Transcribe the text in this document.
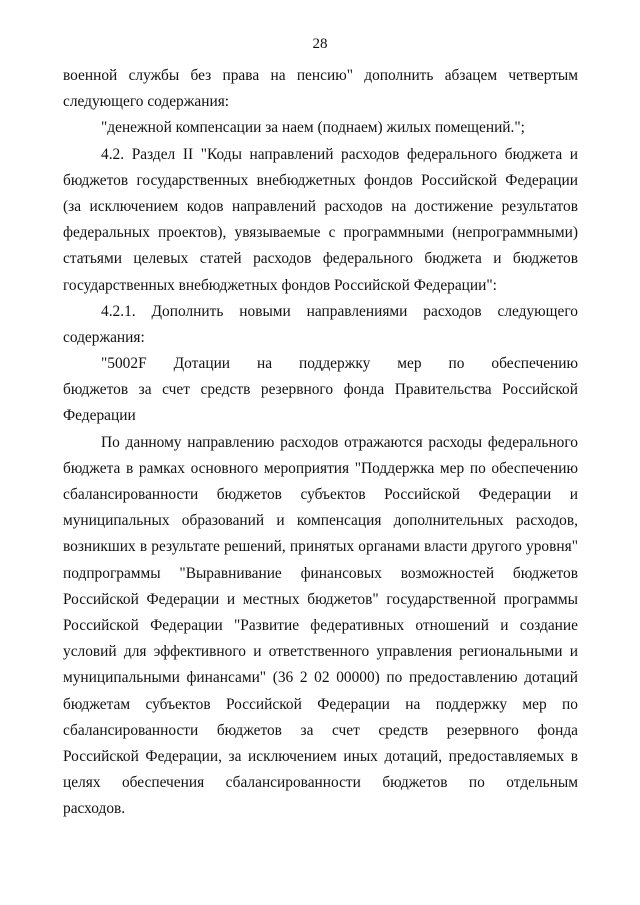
28
военной службы без права на пенсию" дополнить абзацем четвертым
следующего содержания:
"денежной компенсации за наем (поднаем) жилых помещений.";
4.2. Раздел II "Коды направлений расходов федерального бюджета и
бюджетов государственных внебюджетных фондов Российской Федерации
(за исключением кодов направлений расходов на достижение результатов
федеральных проектов), увязываемые с программными (непрограммными)
статьями целевых статей расходов федерального бюджета и бюджетов
государственных внебюджетных фондов Российской Федерации":
4.2.1. Дополнить новыми направлениями расходов следующего
содержания:
"5002F Дотации на поддержку мер по обеспечению
бюджетов за счет средств резервного фонда Правительства Российской
Федерации
По данному направлению расходов отражаются расходы федерального
бюджета в рамках основного мероприятия "Поддержка мер по обеспечению
сбалансированности бюджетов субъектов Российской Федерации и
муниципальных образований и компенсация дополнительных расходов,
возникших в результате решений, принятых органами власти другого уровня"
подпрограммы "Выравнивание финансовых возможностей бюджетов
Российской Федерации и местных бюджетов" государственной программы
Российской Федерации "Развитие федеративных отношений и создание
условий для эффективного и ответственного управления региональными и
муниципальными финансами" (36 2 02 00000) по предоставлению дотаций
бюджетам субъектов Российской Федерации на поддержку мер по
сбалансированности бюджетов за счет средств резервного фонда
Российской Федерации, за исключением иных дотаций, предоставляемых в
целях обеспечения сбалансированности бюджетов по отдельным
расходов.
